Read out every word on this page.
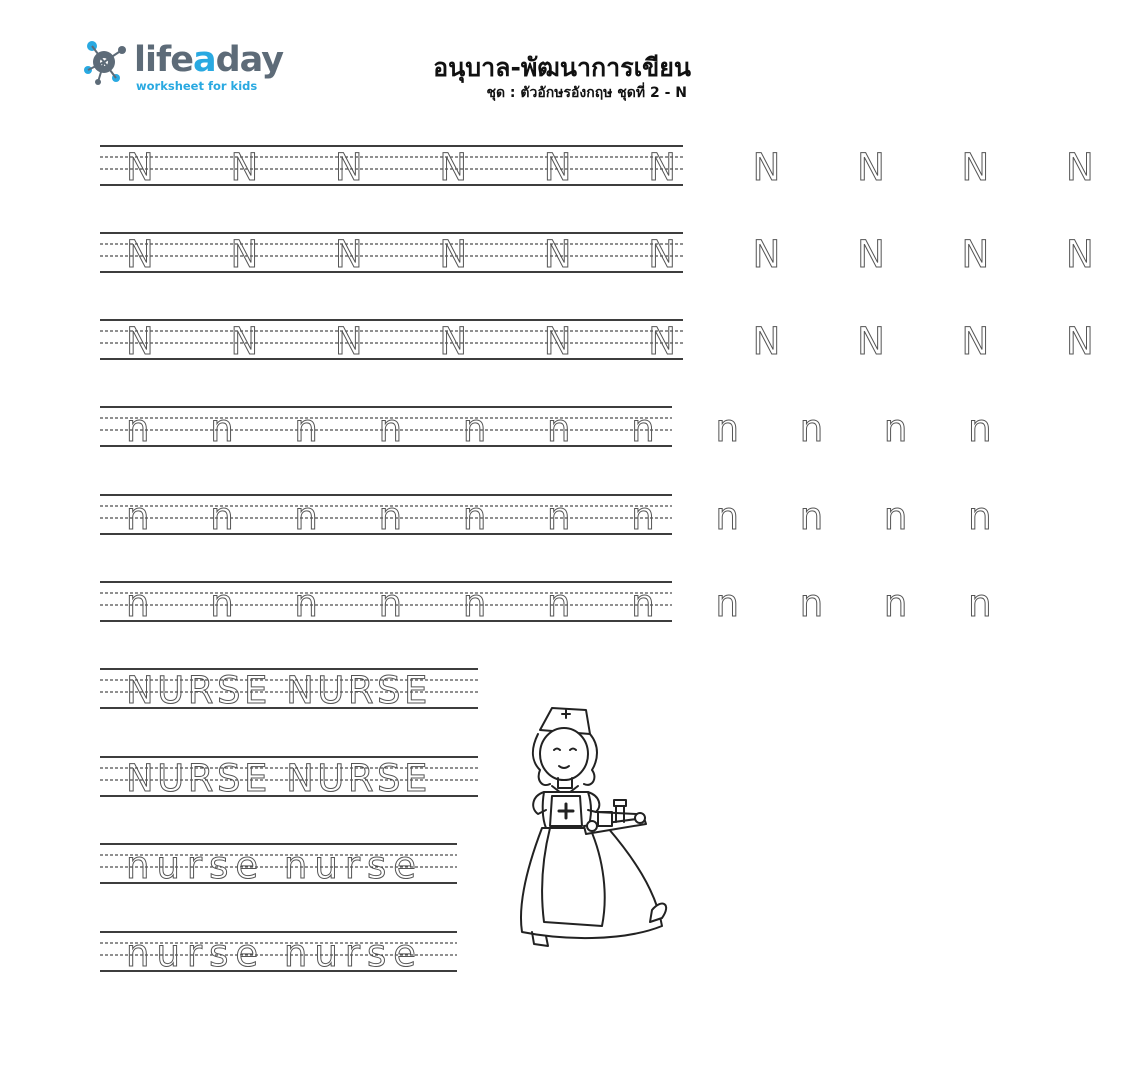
lifeaday
worksheet for kids
อนุบาล-พัฒนาการเขียน
ชุด : ตัวอักษรอังกฤษ ชุดที่ 2 - N
N N N N N N N N N N
N N N N N N N N N N
N N N N N N N N N N
n n n n n n n n n n n
n n n n n n n n n n n
n n n n n n n n n n n
NURSE NURSE
NURSE NURSE
nurse nurse
nurse nurse
